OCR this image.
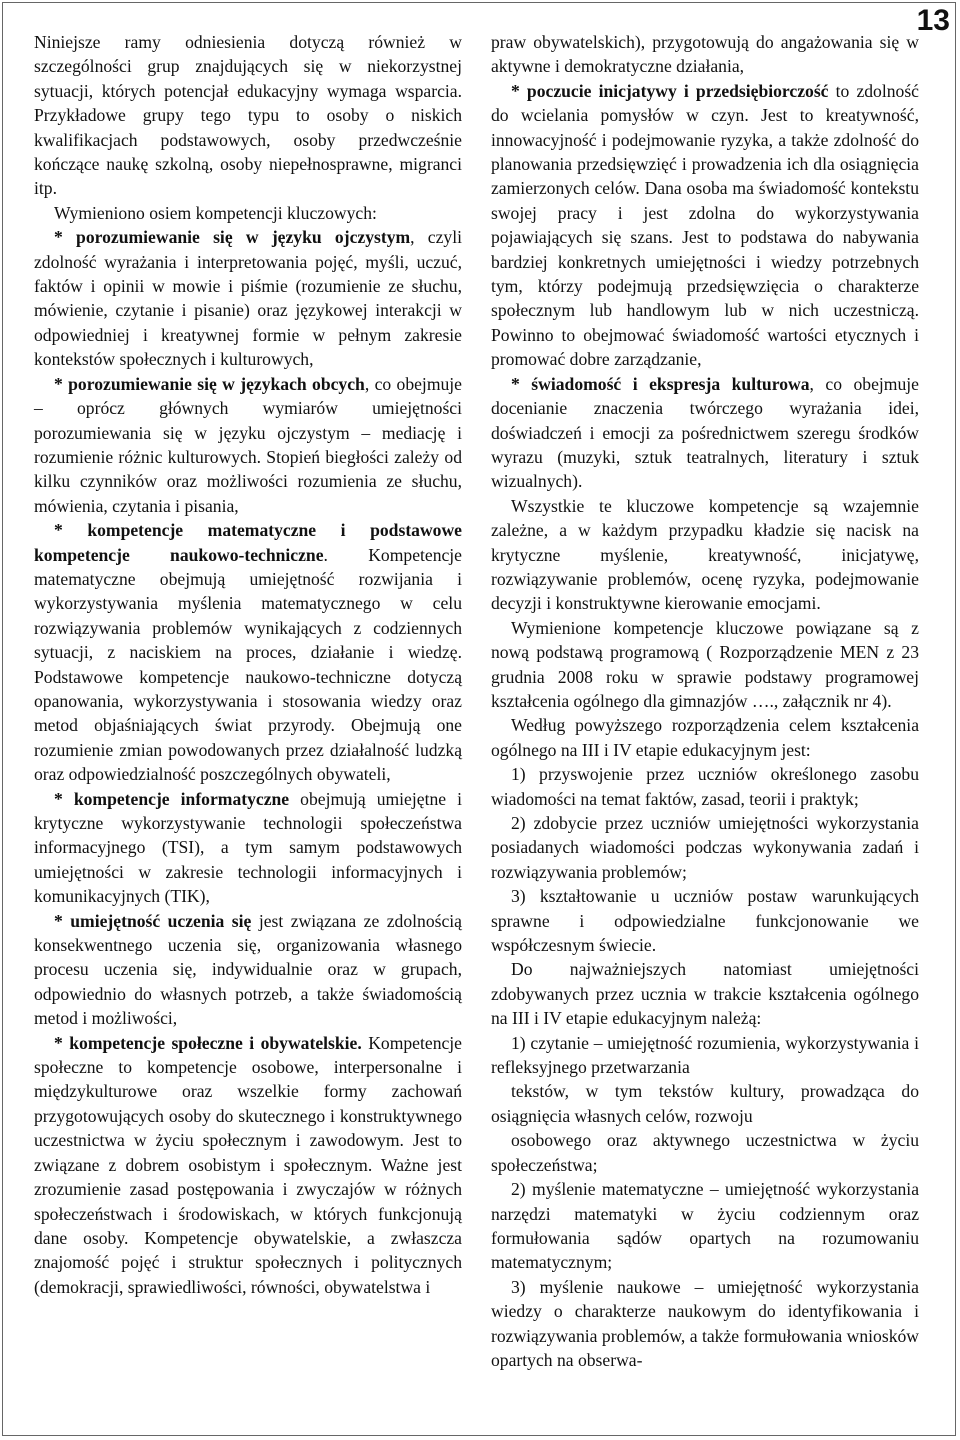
13

Niniejsze ramy odniesienia dotyczą również w szczególności grup znajdujących się w niekorzystnej sytuacji, których potencjał edukacyjny wymaga wsparcia. Przykładowe grupy tego typu to osoby o niskich kwalifikacjach podstawowych, osoby przedwcześnie kończące naukę szkolną, osoby niepełnosprawne, migranci itp.

Wymieniono osiem kompetencji kluczowych:

* porozumiewanie się w języku ojczystym, czyli zdolność wyrażania i interpretowania pojęć, myśli, uczuć, faktów i opinii w mowie i piśmie (rozumienie ze słuchu, mówienie, czytanie i pisanie) oraz językowej interakcji w odpowiedniej i kreatywnej formie w pełnym zakresie kontekstów społecznych i kulturowych,

* porozumiewanie się w językach obcych, co obejmuje – oprócz głównych wymiarów umiejętności porozumiewania się w języku ojczystym – mediację i rozumienie różnic kulturowych. Stopień biegłości zależy od kilku czynników oraz możliwości rozumienia ze słuchu, mówienia, czytania i pisania,

* kompetencje matematyczne i podstawowe kompetencje naukowo-techniczne. Kompetencje matematyczne obejmują umiejętność rozwijania i wykorzystywania myślenia matematycznego w celu rozwiązywania problemów wynikających z codziennych sytuacji, z naciskiem na proces, działanie i wiedzę. Podstawowe kompetencje naukowo-techniczne dotyczą opanowania, wykorzystywania i stosowania wiedzy oraz metod objaśniających świat przyrody. Obejmują one rozumienie zmian powodowanych przez działalność ludzką oraz odpowiedzialność poszczególnych obywateli,

* kompetencje informatyczne obejmują umiejętne i krytyczne wykorzystywanie technologii społeczeństwa informacyjnego (TSI), a tym samym podstawowych umiejętności w zakresie technologii informacyjnych i komunikacyjnych (TIK),

* umiejętność uczenia się jest związana ze zdolnością konsekwentnego uczenia się, organizowania własnego procesu uczenia się, indywidualnie oraz w grupach, odpowiednio do własnych potrzeb, a także świadomością metod i możliwości,

* kompetencje społeczne i obywatelskie. Kompetencje społeczne to kompetencje osobowe, interpersonalne i międzykulturowe oraz wszelkie formy zachowań przygotowujących osoby do skutecznego i konstruktywnego uczestnictwa w życiu społecznym i zawodowym. Jest to związane z dobrem osobistym i społecznym. Ważne jest zrozumienie zasad postępowania i zwyczajów w różnych społeczeństwach i środowiskach, w których funkcjonują dane osoby. Kompetencje obywatelskie, a zwłaszcza znajomość pojęć i struktur społecznych i politycznych (demokracji, sprawiedliwości, równości, obywatelstwa i

praw obywatelskich), przygotowują do angażowania się w aktywne i demokratyczne działania,

* poczucie inicjatywy i przedsiębiorczość to zdolność do wcielania pomysłów w czyn. Jest to kreatywność, innowacyjność i podejmowanie ryzyka, a także zdolność do planowania przedsięwzięć i prowadzenia ich dla osiągnięcia zamierzonych celów. Dana osoba ma świadomość kontekstu swojej pracy i jest zdolna do wykorzystywania pojawiających się szans. Jest to podstawa do nabywania bardziej konkretnych umiejętności i wiedzy potrzebnych tym, którzy podejmują przedsięwzięcia o charakterze społecznym lub handlowym lub w nich uczestniczą. Powinno to obejmować świadomość wartości etycznych i promować dobre zarządzanie,

* świadomość i ekspresja kulturowa, co obejmuje docenianie znaczenia twórczego wyrażania idei, doświadczeń i emocji za pośrednictwem szeregu środków wyrazu (muzyki, sztuk teatralnych, literatury i sztuk wizualnych).

Wszystkie te kluczowe kompetencje są wzajemnie zależne, a w każdym przypadku kładzie się nacisk na krytyczne myślenie, kreatywność, inicjatywę, rozwiązywanie problemów, ocenę ryzyka, podejmowanie decyzji i konstruktywne kierowanie emocjami.

Wymienione kompetencje kluczowe powiązane są z nową podstawą programową ( Rozporządzenie MEN z 23 grudnia 2008 roku w sprawie podstawy programowej kształcenia ogólnego dla gimnazjów …., załącznik nr 4).

Według powyższego rozporządzenia celem kształcenia ogólnego na III i IV etapie edukacyjnym jest:

1) przyswojenie przez uczniów określonego zasobu wiadomości na temat faktów, zasad, teorii i praktyk;

2) zdobycie przez uczniów umiejętności wykorzystania posiadanych wiadomości podczas wykonywania zadań i rozwiązywania problemów;

3) kształtowanie u uczniów postaw warunkujących sprawne i odpowiedzialne funkcjonowanie we współczesnym świecie.

Do najważniejszych natomiast umiejętności zdobywanych przez ucznia w trakcie kształcenia ogólnego na III i IV etapie edukacyjnym należą:

1) czytanie – umiejętność rozumienia, wykorzystywania i refleksyjnego przetwarzania

tekstów, w tym tekstów kultury, prowadząca do osiągnięcia własnych celów, rozwoju

osobowego oraz aktywnego uczestnictwa w życiu społeczeństwa;

2) myślenie matematyczne – umiejętność wykorzystania narzędzi matematyki w życiu codziennym oraz formułowania sądów opartych na rozumowaniu matematycznym;

3) myślenie naukowe – umiejętność wykorzystania wiedzy o charakterze naukowym do identyfikowania i rozwiązywania problemów, a także formułowania wniosków opartych na obserwa-
